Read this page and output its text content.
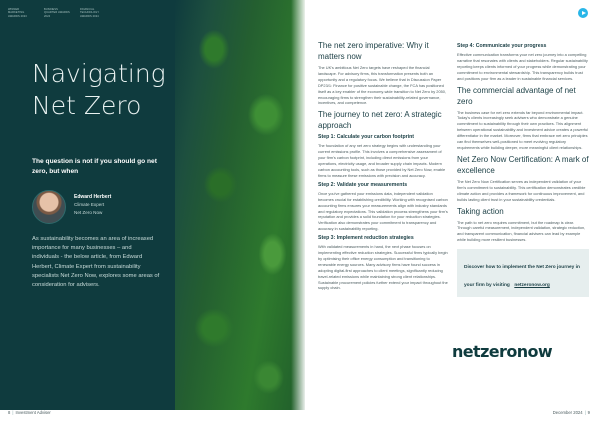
WINNER MARKETING AWARDS 2023
BUSINESS QUARTER AWARDS 2024
FINANCIAL TECHNOLOGY AWARDS 2024
Navigating
Net Zero
The question is not if you should go net zero, but when
Edward Herbert
Climate Expert
Net Zero Now

As sustainability becomes an area of increased importance for many businesses – and individuals - the below article, from Edward Herbert, Climate Expert from sustainability specialists Net Zero Now, explores some areas of consideration for advisers.

The net zero imperative: Why it matters now

The UK's ambitious Net Zero targets have reshaped the financial landscape. For advisory firms, this transformation presents both an opportunity and a regulatory focus. We believe that in Discussion Paper DP23/1: Finance for positive sustainable change, the FCA has positioned itself as a key enabler of the economy-wide transition to Net Zero by 2050, encouraging firms to strengthen their sustainability-related governance, incentives, and competence.

The journey to net zero: A strategic approach
Step 1: Calculate your carbon footprint

The foundation of any net zero strategy begins with understanding your current emissions profile. This involves a comprehensive assessment of your firm's carbon footprint, including direct emissions from your operations, electricity usage, and broader supply chain impacts. Modern carbon accounting tools, such as those provided by Net Zero Now, enable firms to measure these emissions with precision and accuracy.

Step 2: Validate your measurements

Once you've gathered your emissions data, independent validation becomes crucial for establishing credibility. Working with recognised carbon accounting firms ensures your measurements align with industry standards and regulatory expectations. This validation process strengthens your firm's reputation and provides a solid foundation for your reduction strategies. Verification also demonstrates your commitment to transparency and accuracy in sustainability reporting.

Step 3: Implement reduction strategies

With validated measurements in hand, the next phase focuses on implementing effective reduction strategies. Successful firms typically begin by optimising their office energy consumption and transitioning to renewable energy sources. Many advisory firms have found success in adopting digital-first approaches to client meetings, significantly reducing travel-related emissions while maintaining strong client relationships. Sustainable procurement policies further extend your impact throughout the supply chain.

Step 4: Communicate your progress

Effective communication transforms your net zero journey into a compelling narrative that resonates with clients and stakeholders. Regular sustainability reporting keeps clients informed of your progress while demonstrating your commitment to environmental stewardship. This transparency builds trust and positions your firm as a leader in sustainable financial services.

The commercial advantage of net zero

The business case for net zero extends far beyond environmental impact. Today's clients increasingly seek advisers who demonstrate a genuine commitment to sustainability through their own practices. This alignment between operational sustainability and investment advice creates a powerful differentiator in the market. Moreover, firms that embrace net zero principles can find themselves well-positioned to meet evolving regulatory requirements while building deeper, more meaningful client relationships.

Net Zero Now Certification: A mark of excellence

The Net Zero Now Certification serves as independent validation of your firm's commitment to sustainability. This certification demonstrates credible climate action and provides a framework for continuous improvement, and builds lasting client trust in your sustainability credentials.

Taking action

The path to net zero requires commitment, but the roadmap is clear. Through careful measurement, independent validation, strategic reduction, and transparent communication, financial advisers can lead by example while building more resilient businesses.

Discover how to implement the Net Zero journey in your firm by visiting netzeronow.org
netzeronow
8 | Investment Adviser	December 2024 | 9
